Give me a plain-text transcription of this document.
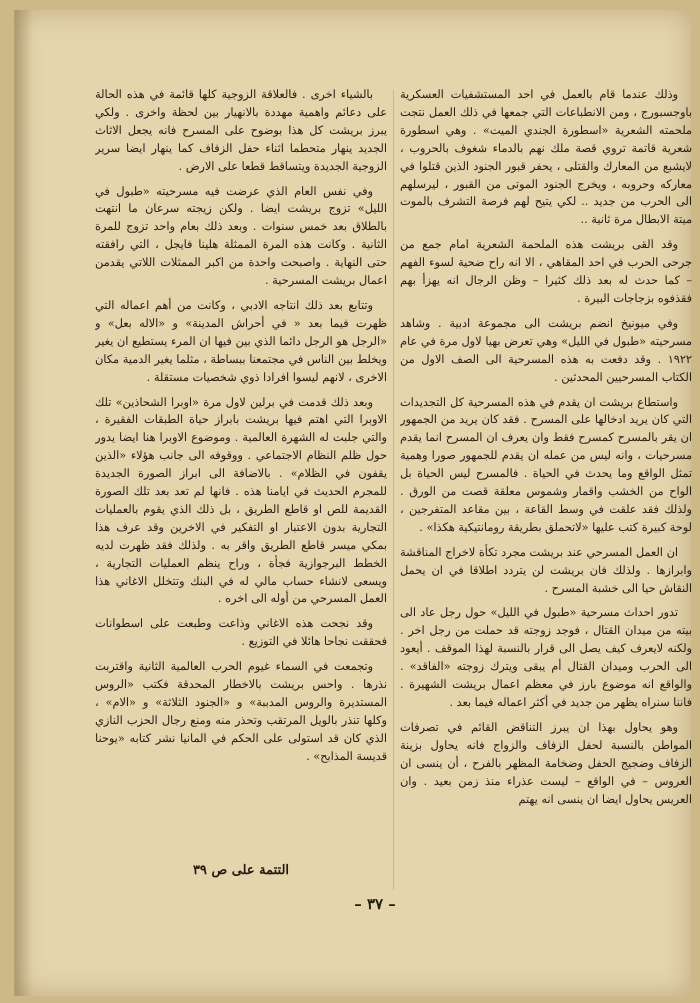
وذلك عندما قام بالعمل في احد المستشفيات العسكرية باوجسبورج ، ومن الانطباعات التي جمعها في ذلك العمل نتجت ملحمته الشعرية «اسطورة الجندي الميت» . وهي اسطورة شعرية قاتمة تروي قصة ملك نهم بالدماء شغوف بالحروب ، لايشبع من المعارك والقتلى ، يحفر قبور الجنود الذين قتلوا في معاركه وحروبه ، ويخرج الجنود الموتى من القبور ، ليرسلهم الى الحرب من جديد .. لكي يتيح لهم فرصة التشرف بالموت ميتة الابطال مرة ثانية ..

وقد القى بريشت هذه الملحمة الشعرية امام جمع من جرحى الحرب في احد المقاهي ، الا انه راح ضحية لسوء الفهم – كما حدث له بعد ذلك كثيرا – وظن الرجال انه يهزأ بهم فقذفوه بزجاجات البيرة .

وفي ميونيخ انضم بريشت الى مجموعة ادبية . وشاهد مسرحيته «طبول في الليل» وهي تعرض بهيا لاول مرة في عام ١٩٢٢ . وقد دفعت به هذه المسرحية الى الصف الاول من الكتاب المسرحيين المحدثين .

واستطاع بريشت ان يقدم في هذه المسرحية كل التجديدات التي كان يريد ادخالها على المسرح . فقد كان يريد من الجمهور ان يقر بالمسرح كمسرح فقط وان يعرف ان المسرح انما يقدم مسرحيات ، وانه ليس من عمله ان يقدم للجمهور صورا وهمية تمثل الواقع وما يحدث في الحياة . فالمسرح ليس الحياة بل الواح من الخشب واقمار وشموس معلقة قصت من الورق . ولذلك فقد علقت في وسط القاعة ، بين مقاعد المتفرجين ، لوحة كبيرة كتب عليها «لاتحملق بطريقة رومانتيكية هكذا» .

ان العمل المسرحي عند بريشت مجرد تكأة لاخراج المناقشة وابرازها . ولذلك فان بريشت لن يتردد اطلاقا في ان يحمل النقاش حيا الى خشبة المسرح .

تدور احداث مسرحية «طبول في الليل» حول رجل عاد الى بيته من ميدان القتال ، فوجد زوجته قد حملت من رجل اخر . ولكنه لايعرف كيف يصل الى قرار بالنسبة لهذا الموقف . أيعود الى الحرب وميدان القتال أم يبقى ويترك زوجته «الفاقد» . والواقع انه موضوع بارز في معظم اعمال بريشت الشهيرة . فاننا سنراه يظهر من جديد في أكثر اعماله فيما بعد .

وهو يحاول بهذا ان يبرز التناقض القائم في تصرفات المواطن بالنسبة لحفل الزفاف والزواج فانه يحاول بزينة الزفاف وضجيج الحفل وضخامة المظهر بالفرح ، أن ينسى ان العروس – في الواقع – ليست عذراء منذ زمن بعيد . وان العريس يحاول ايضا ان ينسى انه يهتم

بالشياء اخرى . فالعلاقة الزوجية كلها قائمة في هذه الحالة على دعائم واهمية مهددة بالانهيار بين لحظة واخرى . ولكي يبرز بريشت كل هذا بوضوح على المسرح فانه يجعل الاثاث الجديد ينهار متحطما اثناء حفل الزفاف كما ينهار ايضا سرير الزوجية الجديدة ويتساقط قطعا على الارض .

وفي نفس العام الذي عرضت فيه مسرحيته «طبول في الليل» تزوج بريشت ايضا . ولكن زيجته سرعان ما انتهت بالطلاق بعد خمس سنوات . وبعد ذلك بعام واحد تزوج للمرة الثانية . وكانت هذه المرة الممثلة هلينا فايجل ، التي رافقته حتى النهاية . واصبحت واحدة من اكبر الممثلات اللاتي يقدمن اعمال بريشت المسرحية .

وتتابع بعد ذلك انتاجه الادبي ، وكانت من أهم اعماله التي ظهرت فيما بعد « في أحراش المدينة» و «الاله بعل» و «الرجل هو الرجل دائما الذي بين فيها ان المرء يستطيع ان يغير ويخلط بين الناس في مجتمعنا ببساطة ، مثلما يغير الدمية مكان الاخرى ، لانهم ليسوا افرادا ذوي شخصيات مستقلة .

وبعد ذلك قدمت في برلين لاول مرة «اوبرا الشحاذين» تلك الاوبرا التي اهتم فيها بريشت بابراز حياة الطبقات الفقيرة ، والتي جلبت له الشهرة العالمية . وموضوع الاوبرا هنا ايضا يدور حول ظلم النظام الاجتماعي . ووقوفه الى جانب هؤلاء «الذين يقفون في الظلام» . بالاضافة الى ابراز الصورة الجديدة للمجرم الحديث في ايامنا هذه . فانها لم تعد بعد تلك الصورة القديمة للص او قاطع الطريق ، بل ذلك الذي يقوم بالعمليات التجارية بدون الاعتبار او التفكير في الاخرين وقد عرف هذا بمكي ميسر قاطع الطريق واقر به . ولذلك فقد ظهرت لديه الخطط البرجوازية فجأة ، وراح ينظم العمليات التجارية ، ويسعى لانشاء حساب مالي له في البنك وتتخلل الاغاني هذا العمل المسرحي من أوله الى اخره .

وقد نجحت هذه الاغاني وذاعت وطبعت على اسطوانات فحققت نجاحا هائلا في التوزيع .

وتجمعت في السماء غيوم الحرب العالمية الثانية واقتربت نذرها . واحس بريشت بالاخطار المحدقة فكتب «الروس المستديرة والروس المدببة» و «الجنود الثلاثة» و «الام» ، وكلها تنذر بالويل المرتقب وتحذر منه ومنع رجال الحزب النازي الذي كان قد استولى على الحكم في المانيا نشر كتابه «يوحنا قديسة المذابح» .

التتمة على ص ٣٩
– ٣٧ –
